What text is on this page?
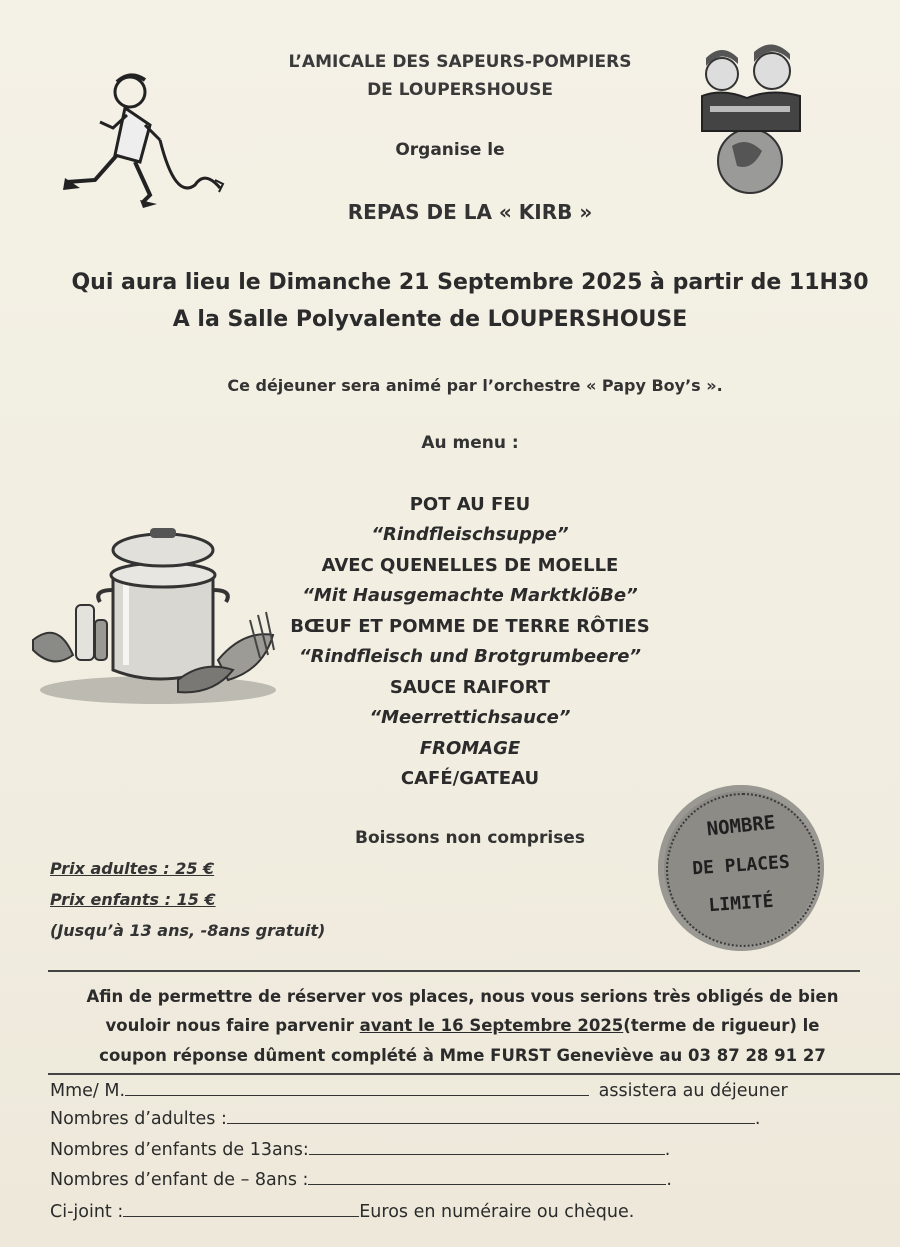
L’AMICALE DES SAPEURS-POMPIERS
DE LOUPERSHOUSE
Organise le
REPAS DE LA « KIRB »
Qui aura lieu le Dimanche 21 Septembre 2025 à partir de 11H30
A la Salle Polyvalente de LOUPERSHOUSE
Ce déjeuner sera animé par l’orchestre « Papy Boy’s ».
Au menu :
POT AU FEU
“Rindfleischsuppe”
AVEC QUENELLES DE MOELLE
“Mit Hausgemachte MarktklöBe”
BŒUF ET POMME DE TERRE RÔTIES
“Rindfleisch und Brotgrumbeere”
SAUCE RAIFORT
“Meerrettichsauce”
FROMAGE
CAFÉ/GATEAU
Boissons non comprises
Prix adultes : 25 €
Prix enfants : 15 €
(Jusqu’à 13 ans, -8ans gratuit)
NOMBRE
DE PLACES
LIMITÉ
Afin de permettre de réserver vos places, nous vous serions très obligés de bien
vouloir nous faire parvenir avant le 16 Septembre 2025(terme de rigueur) le
coupon réponse dûment complété à Mme FURST Geneviève au 03 87 28 91 27
Mme/ M.	assistera au déjeuner
Nombres d’adultes :	.
Nombres d’enfants de 13ans:	.
Nombres d’enfant de – 8ans :	.
Ci-joint :	Euros en numéraire ou chèque.
